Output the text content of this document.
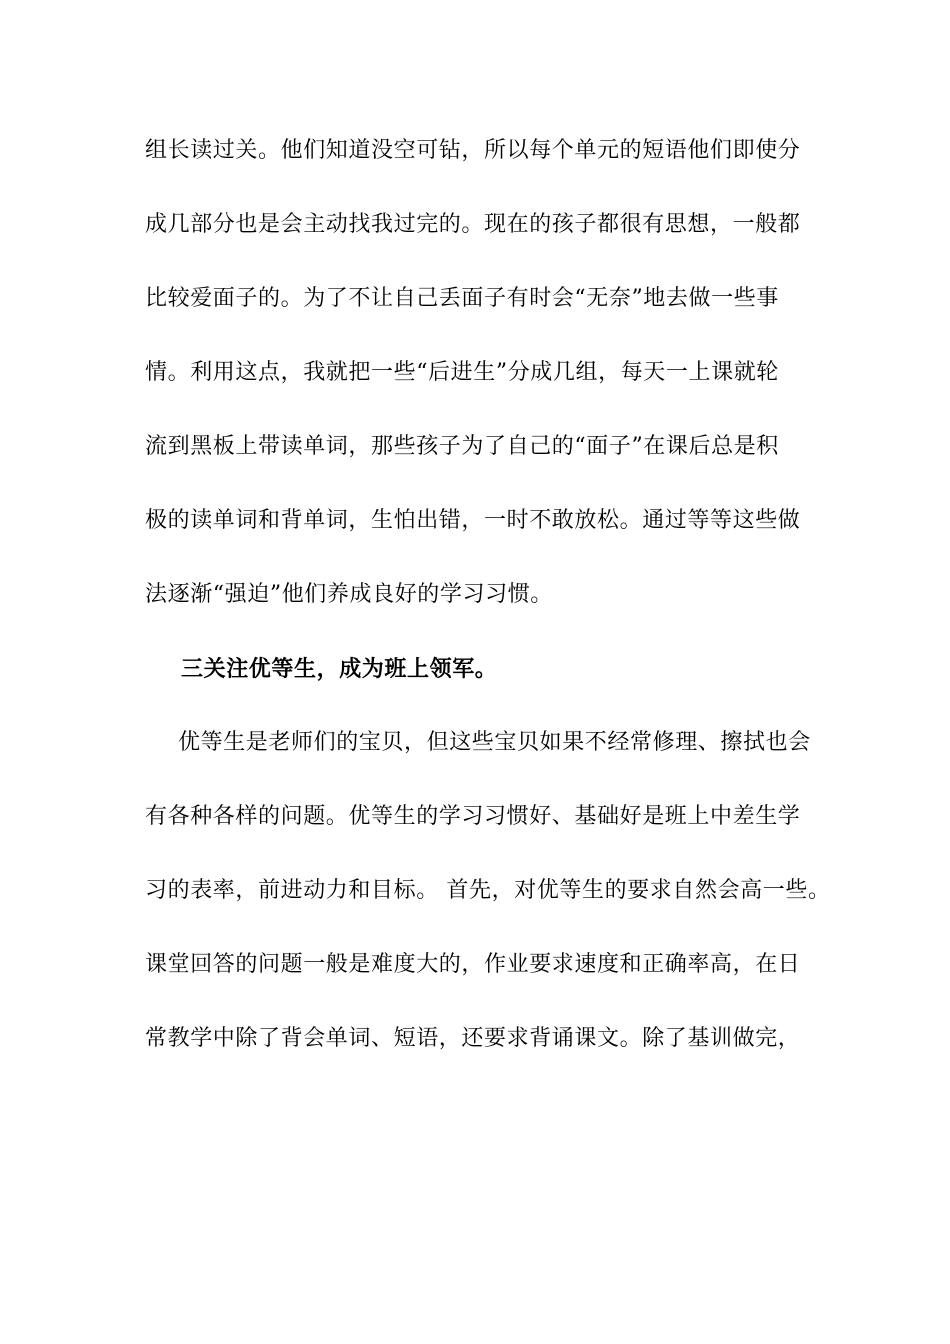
组长读过关。他们知道没空可钻，所以每个单元的短语他们即使分
成几部分也是会主动找我过完的。现在的孩子都很有思想，一般都
比较爱面子的。为了不让自己丢面子有时会“无奈”地去做一些事
情。利用这点，我就把一些“后进生”分成几组，每天一上课就轮
流到黑板上带读单词，那些孩子为了自己的“面子”在课后总是积
极的读单词和背单词，生怕出错，一时不敢放松。通过等等这些做
法逐渐“强迫”他们养成良好的学习习惯。
三关注优等生，成为班上领军。
优等生是老师们的宝贝，但这些宝贝如果不经常修理、擦拭也会
有各种各样的问题。优等生的学习习惯好、基础好是班上中差生学
习的表率，前进动力和目标。 首先，对优等生的要求自然会高一些。
课堂回答的问题一般是难度大的，作业要求速度和正确率高，在日
常教学中除了背会单词、短语，还要求背诵课文。除了基训做完，
